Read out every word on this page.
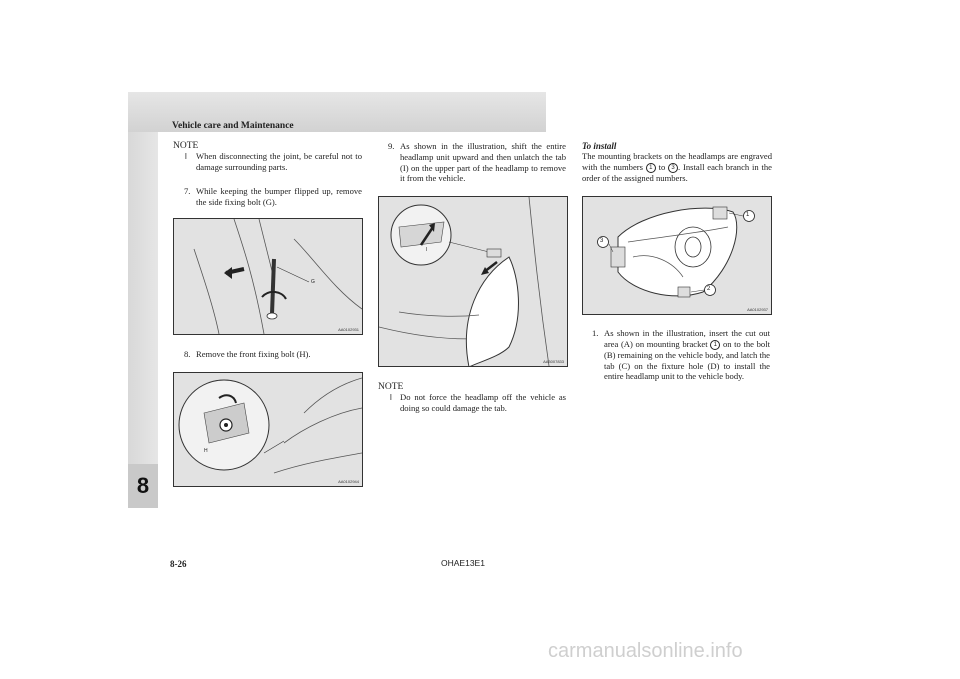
Vehicle care and Maintenance
8
NOTE
l When disconnecting the joint, be careful not to damage surrounding parts.
7. While keeping the bumper flipped up, remove the side fixing bolt (G).
G
AA0102931
8. Remove the front fixing bolt (H).
H
AA0102944
9. As shown in the illustration, shift the entire headlamp unit upward and then unlatch the tab (I) on the upper part of the headlamp to remove it from the vehicle.
I
AA3007833
NOTE
l Do not force the headlamp off the vehicle as doing so could damage the tab.
To install
The mounting brackets on the headlamps are engraved with the numbers 1 to 3 . Install each branch in the order of the assigned numbers.
1
2
3
AA0102937
1. As shown in the illustration, insert the cut out area (A) on mounting bracket 1 on to the bolt (B) remaining on the vehicle body, and latch the tab (C) on the fixture hole (D) to install the entire headlamp unit to the vehicle body.
8-26	OHAE13E1
carmanualsonline.info
